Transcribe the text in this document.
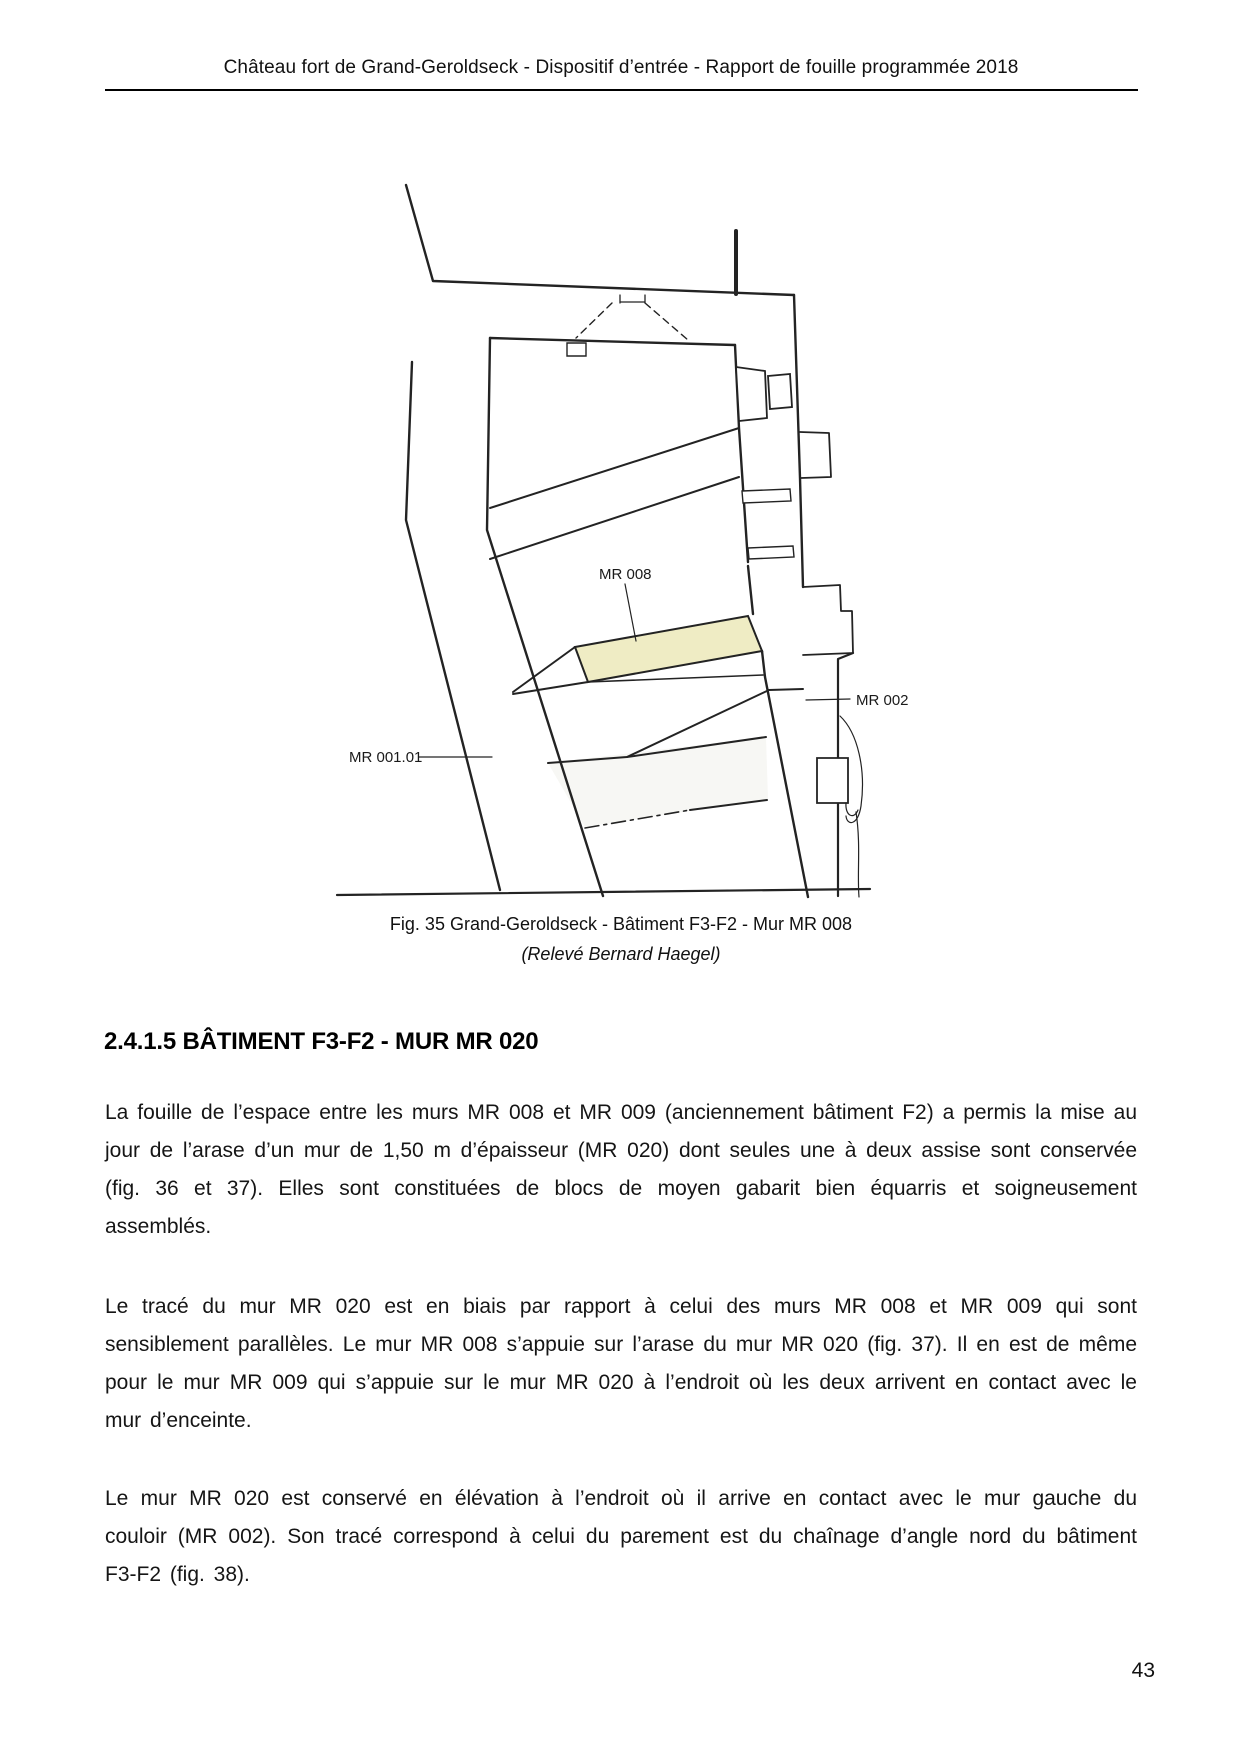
Château fort de Grand-Geroldseck - Dispositif d’entrée - Rapport de fouille programmée 2018
MR 008
MR 001.01
MR 002
Fig. 35 Grand-Geroldseck - Bâtiment F3-F2 - Mur MR 008
(Relevé Bernard Haegel)
2.4.1.5 BÂTIMENT F3-F2 - MUR MR 020

La fouille de l’espace entre les murs MR 008 et MR 009 (anciennement bâtiment F2) a permis la mise au jour de l’arase d’un mur de 1,50 m d’épaisseur (MR 020) dont seules une à deux assise sont conservée (fig. 36 et 37). Elles sont constituées de blocs de moyen gabarit bien équarris et soigneusement assemblés.

Le tracé du mur MR 020 est en biais par rapport à celui des murs MR 008 et MR 009 qui sont sensiblement parallèles. Le mur MR 008 s’appuie sur l’arase du mur MR 020 (fig. 37). Il en est de même pour le mur MR 009 qui s’appuie sur le mur MR 020 à l’endroit où les deux arrivent en contact avec le mur d’enceinte.

Le mur MR 020 est conservé en élévation à l’endroit où il arrive en contact avec le mur gauche du couloir (MR 002). Son tracé correspond à celui du parement est du chaînage d’angle nord du bâtiment F3-F2 (fig. 38).

43
